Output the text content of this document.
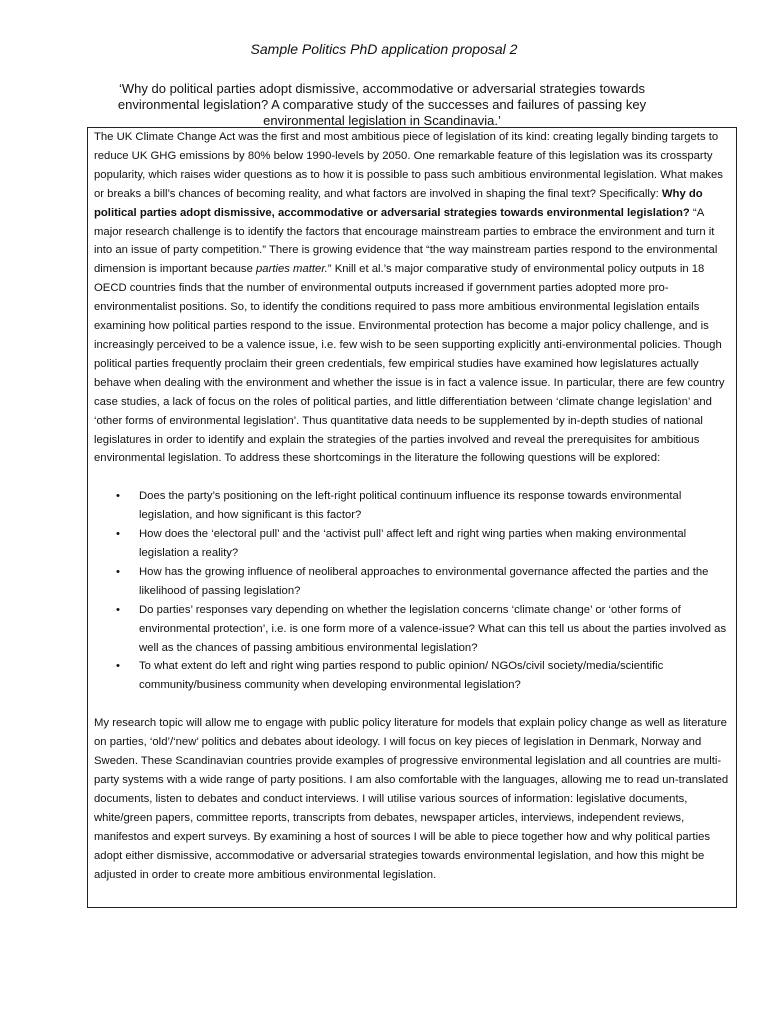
Sample Politics PhD application proposal 2
‘Why do political parties adopt dismissive, accommodative or adversarial strategies towards environmental legislation? A comparative study of the successes and failures of passing key environmental legislation in Scandinavia.’

The UK Climate Change Act was the first and most ambitious piece of legislation of its kind: creating legally binding targets to reduce UK GHG emissions by 80% below 1990-levels by 2050. One remarkable feature of this legislation was its crossparty popularity, which raises wider questions as to how it is possible to pass such ambitious environmental legislation. What makes or breaks a bill’s chances of becoming reality, and what factors are involved in shaping the final text? Specifically: Why do political parties adopt dismissive, accommodative or adversarial strategies towards environmental legislation? “A major research challenge is to identify the factors that encourage mainstream parties to embrace the environment and turn it into an issue of party competition.” There is growing evidence that “the way mainstream parties respond to the environmental dimension is important because parties matter.” Knill et al.’s major comparative study of environmental policy outputs in 18 OECD countries finds that the number of environmental outputs increased if government parties adopted more pro-environmentalist positions. So, to identify the conditions required to pass more ambitious environmental legislation entails examining how political parties respond to the issue. Environmental protection has become a major policy challenge, and is increasingly perceived to be a valence issue, i.e. few wish to be seen supporting explicitly anti-environmental policies. Though political parties frequently proclaim their green credentials, few empirical studies have examined how legislatures actually behave when dealing with the environment and whether the issue is in fact a valence issue. In particular, there are few country case studies, a lack of focus on the roles of political parties, and little differentiation between ‘climate change legislation’ and ‘other forms of environmental legislation’. Thus quantitative data needs to be supplemented by in-depth studies of national legislatures in order to identify and explain the strategies of the parties involved and reveal the prerequisites for ambitious environmental legislation. To address these shortcomings in the literature the following questions will be explored:

• Does the party’s positioning on the left-right political continuum influence its response towards environmental legislation, and how significant is this factor?
• How does the ‘electoral pull’ and the ‘activist pull’ affect left and right wing parties when making environmental legislation a reality?
• How has the growing influence of neoliberal approaches to environmental governance affected the parties and the likelihood of passing legislation?
• Do parties’ responses vary depending on whether the legislation concerns ‘climate change’ or ‘other forms of environmental protection’, i.e. is one form more of a valence-issue? What can this tell us about the parties involved as well as the chances of passing ambitious environmental legislation?
• To what extent do left and right wing parties respond to public opinion/ NGOs/civil society/media/scientific community/business community when developing environmental legislation?

My research topic will allow me to engage with public policy literature for models that explain policy change as well as literature on parties, ‘old’/‘new’ politics and debates about ideology. I will focus on key pieces of legislation in Denmark, Norway and Sweden. These Scandinavian countries provide examples of progressive environmental legislation and all countries are multi-party systems with a wide range of party positions. I am also comfortable with the languages, allowing me to read un-translated documents, listen to debates and conduct interviews. I will utilise various sources of information: legislative documents, white/green papers, committee reports, transcripts from debates, newspaper articles, interviews, independent reviews, manifestos and expert surveys. By examining a host of sources I will be able to piece together how and why political parties adopt either dismissive, accommodative or adversarial strategies towards environmental legislation, and how this might be adjusted in order to create more ambitious environmental legislation.
